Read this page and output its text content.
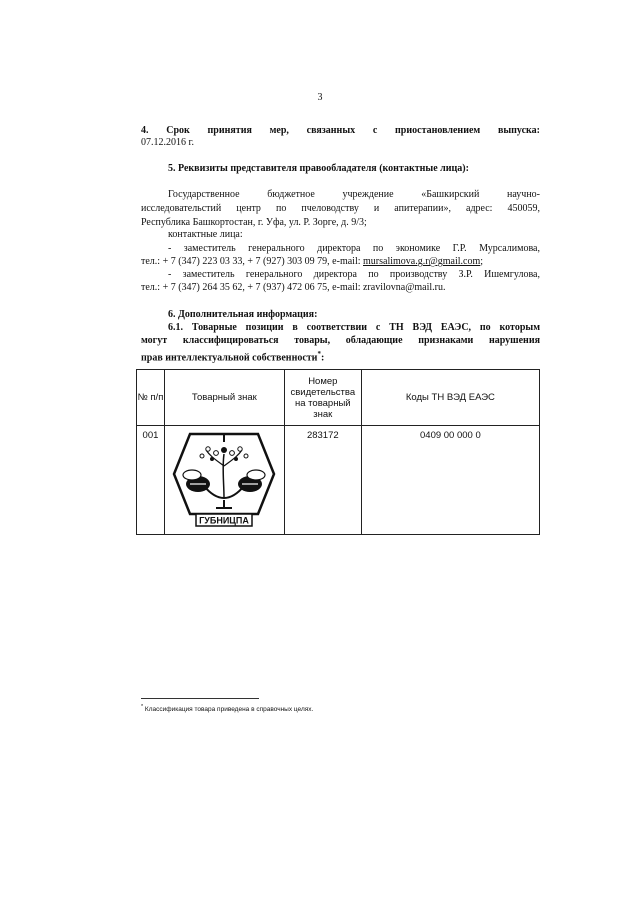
3
4. Срок принятия мер, связанных с приостановлением выпуска:
07.12.2016 г.
5. Реквизиты представителя правообладателя (контактные лица):
Государственное бюджетное учреждение «Башкирский научно-
исследовательстий центр по пчеловодству и апитерапии», адрес: 450059,
Республика Башкортостан, г. Уфа, ул. Р. Зорге, д. 9/3;
контактные лица:
- заместитель генерального директора по экономике Г.Р. Мурсалимова,
тел.: + 7 (347) 223 03 33, + 7 (927) 303 09 79, e-mail: mursalimova.g.r@gmail.com;
- заместитель генерального директора по производству З.Р. Ишемгулова,
тел.: + 7 (347) 264 35 62, + 7 (937) 472 06 75, e-mail: zravilovna@mail.ru.
6. Дополнительная информация:
6.1. Товарные позиции в соответствии с ТН ВЭД ЕАЭС, по которым
могут классифицироваться товары, обладающие признаками нарушения
прав интеллектуальной собственности*:
№ п/п	Товарный знак	Номер свидетельства на товарный знак	Коды ТН ВЭД ЕАЭС
001	ГУБНИЦПА	283172	0409 00 000 0
* Классификация товара приведена в справочных целях.
